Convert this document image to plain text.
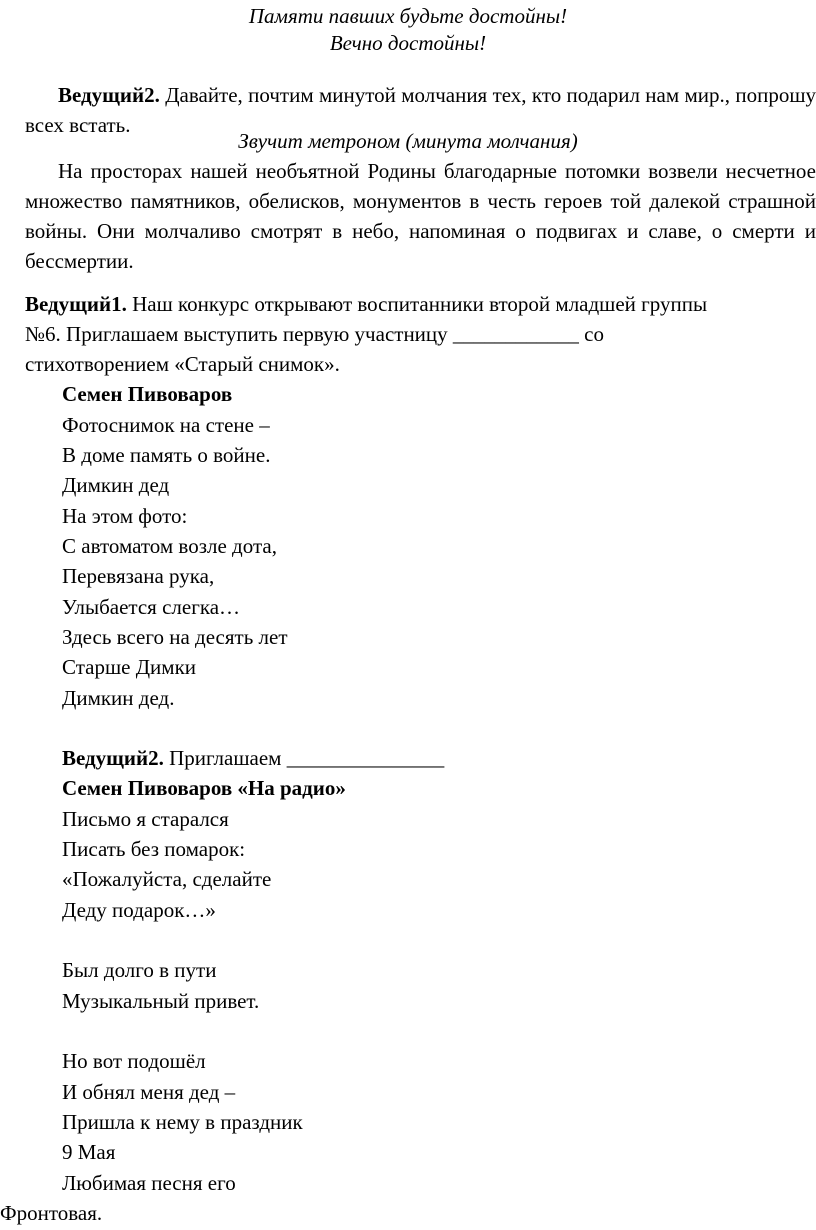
Памяти павших будьте достойны!
Вечно достойны!
Ведущий2. Давайте, почтим минутой молчания тех, кто подарил нам мир., попрошу всех встать.
Звучит метроном (минута молчания)
На просторах нашей необъятной Родины благодарные потомки возвели несчетное множество памятников, обелисков, монументов в честь героев той далекой страшной войны. Они молчаливо смотрят в небо, напоминая о подвигах и славе, о смерти и бессмертии.
Ведущий1. Наш конкурс открывают воспитанники второй младшей группы
№6. Приглашаем выступить первую участницу ____________ со
стихотворением «Старый снимок».
Семен Пивоваров
Фотоснимок на стене –
В доме память о войне.
Димкин дед
На этом фото:
С автоматом возле дота,
Перевязана рука,
Улыбается слегка…
Здесь всего на десять лет
Старше Димки
Димкин дед.
Ведущий2. Приглашаем _______________
Семен Пивоваров «На радио»
Письмо я старался
Писать без помарок:
«Пожалуйста, сделайте
Деду подарок…»
Был долго в пути
Музыкальный привет.
Но вот подошёл
И обнял меня дед –
Пришла к нему в праздник
9 Мая
Любимая песня его
Фронтовая.
